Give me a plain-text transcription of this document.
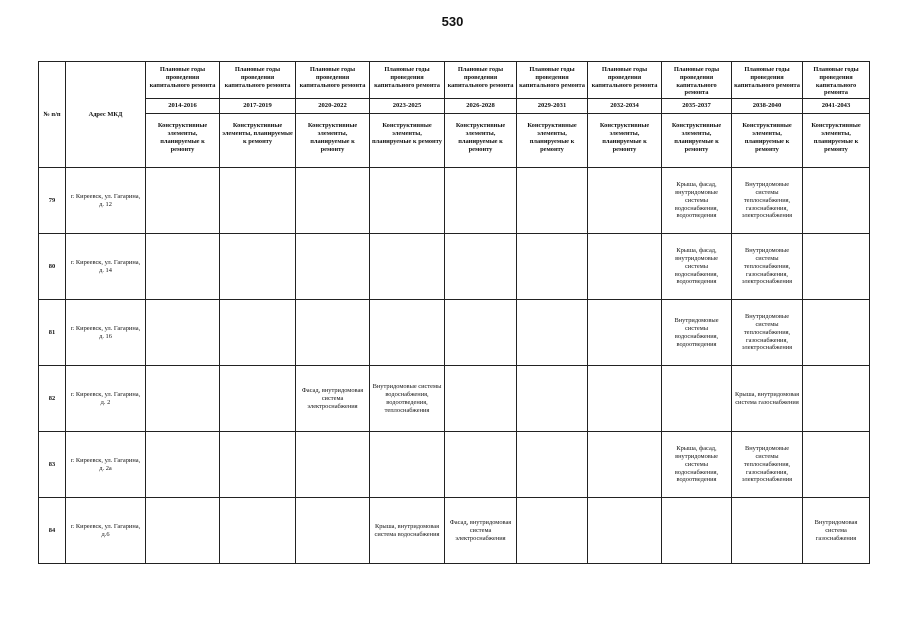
530
№ п/п	Адрес МКД	Плановые годы проведения капитального ремонта	Плановые годы проведения капитального ремонта	Плановые годы проведения капитального ремонта	Плановые годы проведения капитального ремонта	Плановые годы проведения капитального ремонта	Плановые годы проведения капитального ремонта	Плановые годы проведения капитального ремонта	Плановые годы проведения капитального ремонта	Плановые годы проведения капитального ремонта	Плановые годы проведения капитального ремонта
		2014-2016	2017-2019	2020-2022	2023-2025	2026-2028	2029-2031	2032-2034	2035-2037	2038-2040	2041-2043
		Конструктивные элементы, планируемые к ремонту	Конструктивные элементы, планируемые к ремонту	Конструктивные элементы, планируемые к ремонту	Конструктивные элементы, планируемые к ремонту	Конструктивные элементы, планируемые к ремонту	Конструктивные элементы, планируемые к ремонту	Конструктивные элементы, планируемые к ремонту	Конструктивные элементы, планируемые к ремонту	Конструктивные элементы, планируемые к ремонту	Конструктивные элементы, планируемые к ремонту
79	г. Киреевск, ул. Гагарина, д. 12								Крыша, фасад, внутридомовые системы водоснабжения, водоотведения	Внутридомовые системы теплоснабжения, газоснабжения, электроснабжения	
80	г. Киреевск, ул. Гагарина, д. 14								Крыша, фасад, внутридомовые системы водоснабжения, водоотведения	Внутридомовые системы теплоснабжения, газоснабжения, электроснабжения	
81	г. Киреевск, ул. Гагарина, д. 16								Внутридомовые системы водоснабжения, водоотведения	Внутридомовые системы теплоснабжения, газоснабжения, электроснабжения	
82	г. Киреевск, ул. Гагарина, д. 2			Фасад, внутридомовая система электроснабжения	Внутридомовые системы водоснабжения, водоотведения, теплоснабжения					Крыша, внутридомовая система газоснабжения	
83	г. Киреевск, ул. Гагарина, д. 2а								Крыша, фасад, внутридомовые системы водоснабжения, водоотведения	Внутридомовые системы теплоснабжения, газоснабжения, электроснабжения	
84	г. Киреевск, ул. Гагарина, д.6				Крыша, внутридомовая система водоснабжения	Фасад, внутридомовая система электроснабжения					Внутридомовая система газоснабжения
